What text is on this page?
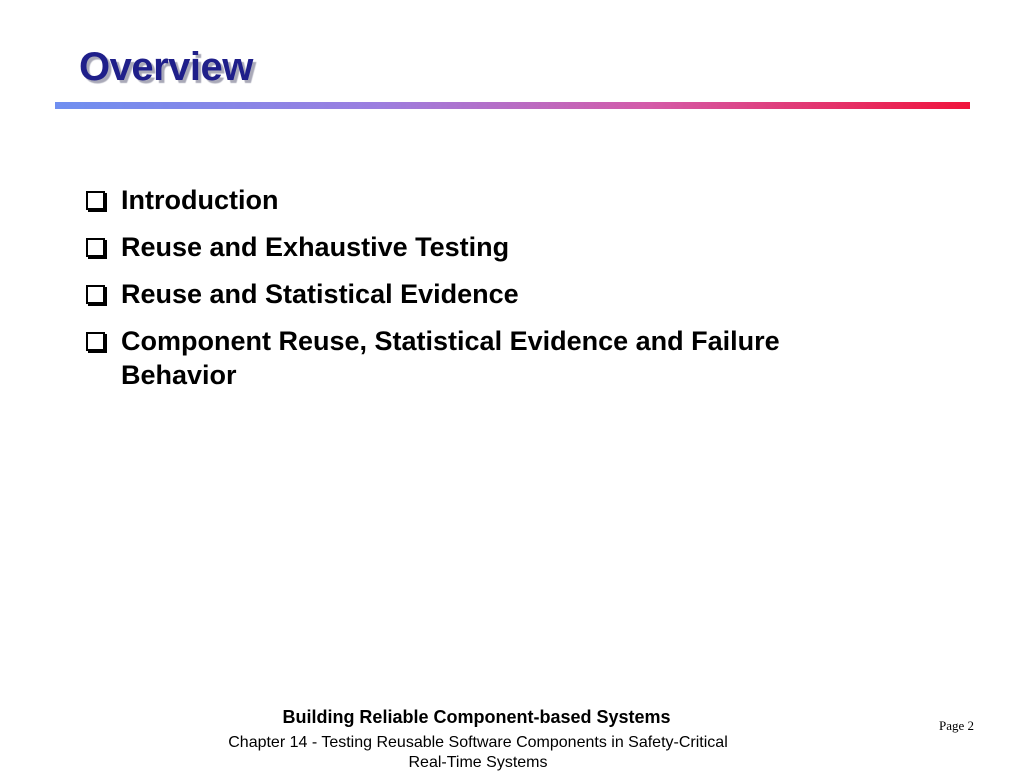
Overview
Introduction
Reuse and Exhaustive Testing
Reuse and Statistical Evidence
Component Reuse, Statistical Evidence and Failure Behavior
Building Reliable Component-based Systems
Chapter 14 - Testing Reusable Software Components in Safety-Critical Real-Time Systems
Page 2
